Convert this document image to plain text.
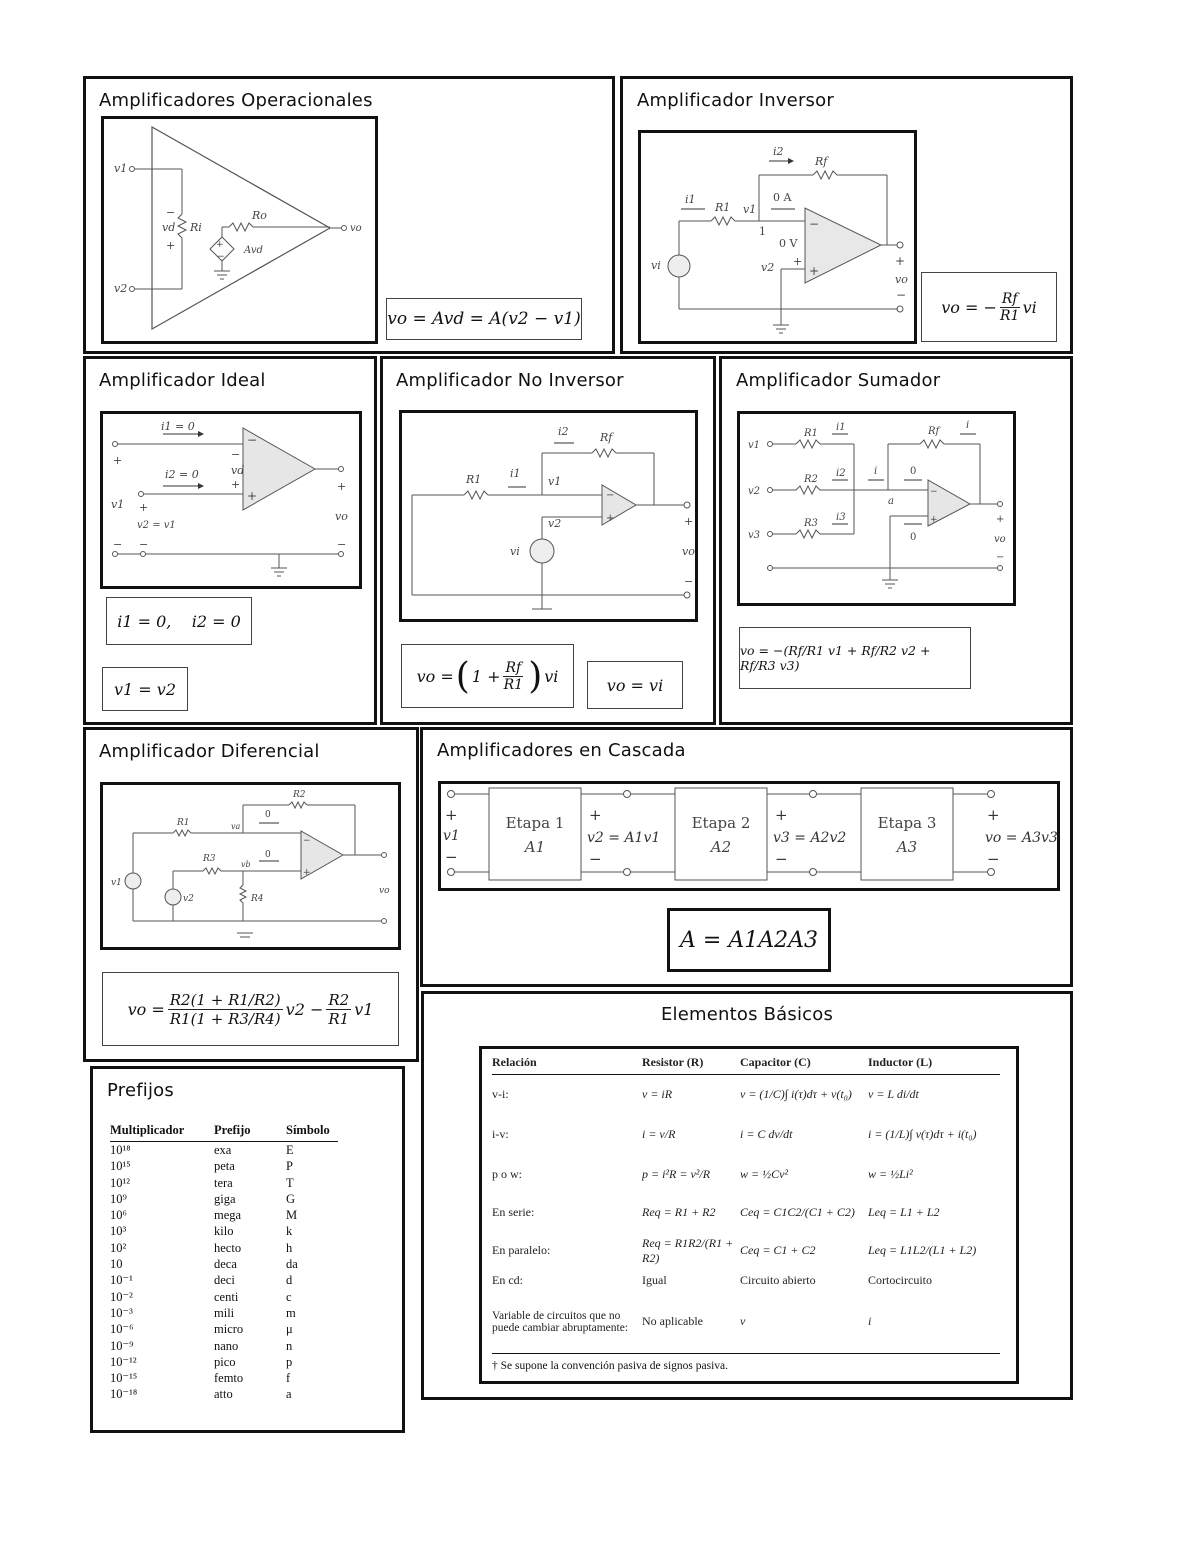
Amplificadores Operacionales
v1
v2
−
vd
+
Ri
Ro
+
−
Avd
vo
vo = Avd = A(v2 − v1)
Amplificador Inversor
i2
Rf
i1
R1 v1
0 A
1
0 V
v2
−
+
+
vi	+
vo
−
vo = − $\frac{Rf}{R1}$ vi
Amplificador Ideal
i1 = 0
i2 = 0
−
+
−
vd
+
+
v1 +
v2 = v1
− −
+
vo
−
i1 = 0,    i2 = 0
v1 = v2
Amplificador No Inversor
i2	Rf
R1	i1
v1
v2
−
+
vi
+
vo
−
vo = ( $1 + \frac{Rf}{R1}$ ) vi	vo = vi
Amplificador Sumador
R1
R2
R3
i1
i2
i3
Rf
i
i	0
0
a
−
+
v1
v2
v3
+
vo
−
vo = −(Rf/R1 v1 + Rf/R2 v2 + Rf/R3 v3)
Amplificador Diferencial
R2
R1
R3
R4
0
0
va
vb
−
+
v1
v2
vo
vo = $\frac{R2(1 + R1/R2)}{R1(1 + R3/R4)} v2 - \frac{R2}{R1} v1$
Amplificadores en Cascada
Etapa 1
A1
Etapa 2
A2
Etapa 3
A3
+
v1
−
+
v2 = A1v1
−
+
v3 = A2v2
−
+
vo = A3v3
−
A = A1A2A3
Prefijos
Multiplicador	Prefijo	Símbolo
10¹⁸	exa	E
10¹⁵	peta	P
10¹²	tera	T
10⁹	giga	G
10⁶	mega	M
10³	kilo	k
10²	hecto	h
10	deca	da
10⁻¹	deci	d
10⁻²	centi	c
10⁻³	mili	m
10⁻⁶	micro	μ
10⁻⁹	nano	n
10⁻¹²	pico	p
10⁻¹⁵	femto	f
10⁻¹⁸	atto	a
Elementos Básicos
Relación	Resistor (R)	Capacitor (C)	Inductor (L)
v-i:	v = iR	v = (1/C)∫ i(τ)dτ + v(t₀)	v = L di/dt
i-v:	i = v/R	i = C dv/dt	i = (1/L)∫ v(τ)dτ + i(t₀)
p o w:	p = i²R = v²/R	w = ½Cv²	w = ½Li²
En serie:	Req = R1 + R2	Ceq = C1C2/(C1 + C2)	Leq = L1 + L2
En paralelo:	Req = R1R2/(R1 + R2)	Ceq = C1 + C2	Leq = L1L2/(L1 + L2)
En cd:	Igual	Circuito abierto	Cortocircuito
Variable de circuitos que no puede cambiar abruptamente:	No aplicable	v	i
† Se supone la convención pasiva de signos pasiva.
